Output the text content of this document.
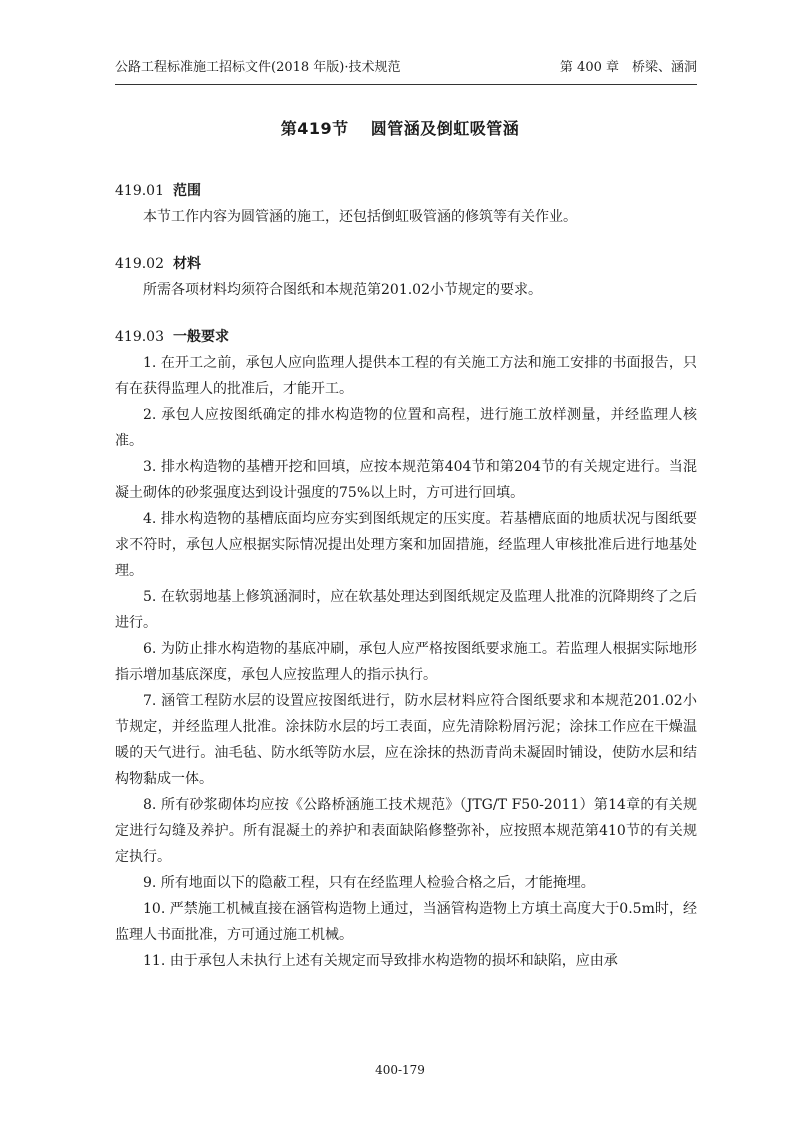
公路工程标准施工招标文件(2018 年版)·技术规范	第 400 章　桥梁、涵洞
第419节 圆管涵及倒虹吸管涵

419.01 范围

本节工作内容为圆管涵的施工，还包括倒虹吸管涵的修筑等有关作业。

419.02 材料

所需各项材料均须符合图纸和本规范第201.02小节规定的要求。

419.03 一般要求

1. 在开工之前，承包人应向监理人提供本工程的有关施工方法和施工安排的书面报告，只有在获得监理人的批准后，才能开工。

2. 承包人应按图纸确定的排水构造物的位置和高程，进行施工放样测量，并经监理人核准。

3. 排水构造物的基槽开挖和回填，应按本规范第404节和第204节的有关规定进行。当混凝土砌体的砂浆强度达到设计强度的75%以上时，方可进行回填。

4. 排水构造物的基槽底面均应夯实到图纸规定的压实度。若基槽底面的地质状况与图纸要求不符时，承包人应根据实际情况提出处理方案和加固措施，经监理人审核批准后进行地基处理。

5. 在软弱地基上修筑涵洞时，应在软基处理达到图纸规定及监理人批准的沉降期终了之后进行。

6. 为防止排水构造物的基底冲刷，承包人应严格按图纸要求施工。若监理人根据实际地形指示增加基底深度，承包人应按监理人的指示执行。

7. 涵管工程防水层的设置应按图纸进行，防水层材料应符合图纸要求和本规范201.02小节规定，并经监理人批准。涂抹防水层的圬工表面，应先清除粉屑污泥；涂抹工作应在干燥温暖的天气进行。油毛毡、防水纸等防水层，应在涂抹的热沥青尚未凝固时铺设，使防水层和结构物黏成一体。

8. 所有砂浆砌体均应按《公路桥涵施工技术规范》（JTG/T F50-2011）第14章的有关规定进行勾缝及养护。所有混凝土的养护和表面缺陷修整弥补，应按照本规范第410节的有关规定执行。

9. 所有地面以下的隐蔽工程，只有在经监理人检验合格之后，才能掩埋。

10. 严禁施工机械直接在涵管构造物上通过，当涵管构造物上方填土高度大于0.5m时，经监理人书面批准，方可通过施工机械。

11. 由于承包人未执行上述有关规定而导致排水构造物的损坏和缺陷，应由承

400-179
